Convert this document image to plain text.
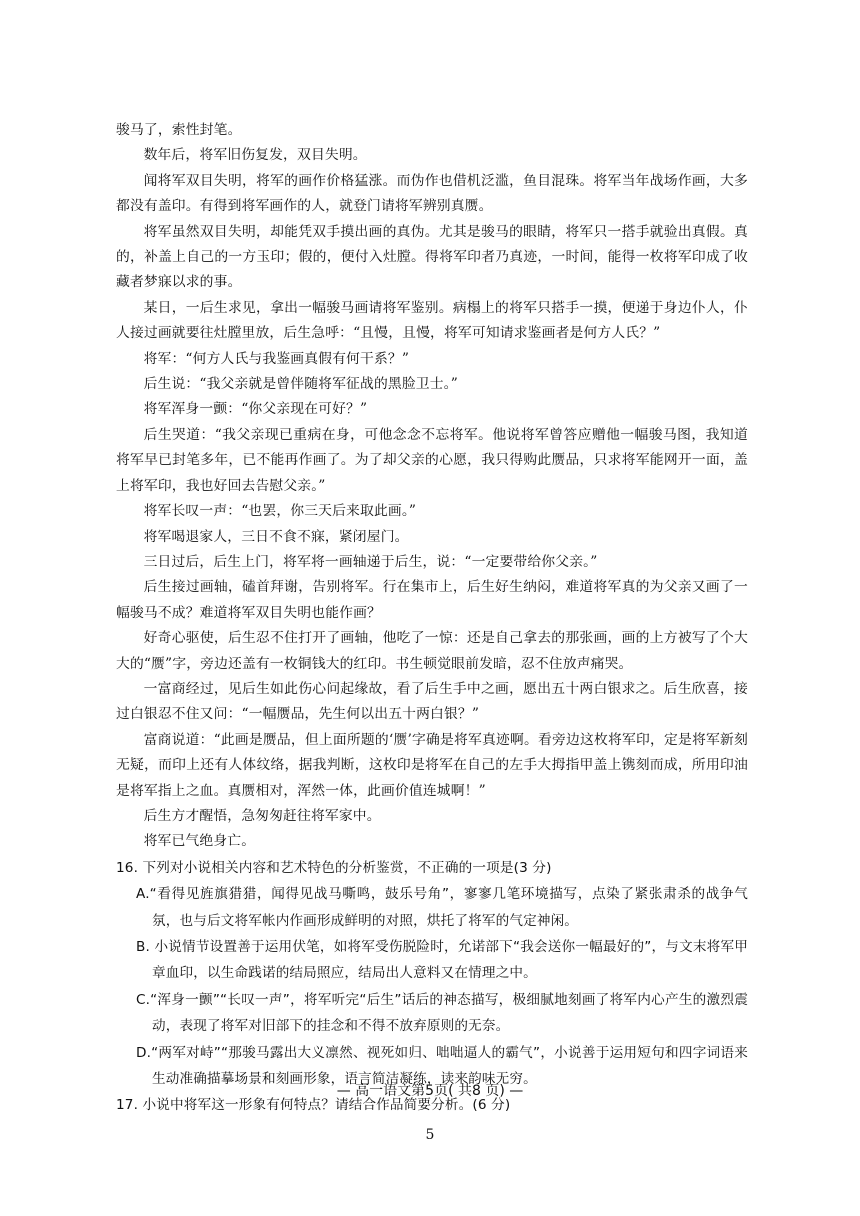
骏马了，索性封笔。

数年后，将军旧伤复发，双目失明。

闻将军双目失明，将军的画作价格猛涨。而伪作也借机泛滥，鱼目混珠。将军当年战场作画，大多都没有盖印。有得到将军画作的人，就登门请将军辨别真赝。

将军虽然双目失明，却能凭双手摸出画的真伪。尤其是骏马的眼睛，将军只一搭手就验出真假。真的，补盖上自己的一方玉印；假的，便付入灶膛。得将军印者乃真迹，一时间，能得一枚将军印成了收藏者梦寐以求的事。

某日，一后生求见，拿出一幅骏马画请将军鉴别。病榻上的将军只搭手一摸，便递于身边仆人，仆人接过画就要往灶膛里放，后生急呼：“且慢，且慢，将军可知请求鉴画者是何方人氏？”

将军：“何方人氏与我鉴画真假有何干系？”

后生说：“我父亲就是曾伴随将军征战的黑脸卫士。”

将军浑身一颤：“你父亲现在可好？”

后生哭道：“我父亲现已重病在身，可他念念不忘将军。他说将军曾答应赠他一幅骏马图，我知道将军早已封笔多年，已不能再作画了。为了却父亲的心愿，我只得购此赝品，只求将军能网开一面，盖上将军印，我也好回去告慰父亲。”

将军长叹一声：“也罢，你三天后来取此画。”

将军喝退家人，三日不食不寐，紧闭屋门。

三日过后，后生上门，将军将一画轴递于后生，说：“一定要带给你父亲。”

后生接过画轴，磕首拜谢，告别将军。行在集市上，后生好生纳闷，难道将军真的为父亲又画了一幅骏马不成？难道将军双目失明也能作画？

好奇心驱使，后生忍不住打开了画轴，他吃了一惊：还是自己拿去的那张画，画的上方被写了个大大的“赝”字，旁边还盖有一枚铜钱大的红印。书生顿觉眼前发暗，忍不住放声痛哭。

一富商经过，见后生如此伤心问起缘故，看了后生手中之画，愿出五十两白银求之。后生欣喜，接过白银忍不住又问：“一幅赝品，先生何以出五十两白银？”

富商说道：“此画是赝品，但上面所题的‘赝’字确是将军真迹啊。看旁边这枚将军印，定是将军新刻无疑，而印上还有人体纹络，据我判断，这枚印是将军在自己的左手大拇指甲盖上镌刻而成，所用印油是将军指上之血。真赝相对，浑然一体，此画价值连城啊！”

后生方才醒悟，急匆匆赶往将军家中。

将军已气绝身亡。

16. 下列对小说相关内容和艺术特色的分析鉴赏，不正确的一项是(3 分)

A.“看得见旌旗猎猎，闻得见战马嘶鸣，鼓乐号角”，寥寥几笔环境描写，点染了紧张肃杀的战争气氛，也与后文将军帐内作画形成鲜明的对照，烘托了将军的气定神闲。

B. 小说情节设置善于运用伏笔，如将军受伤脱险时，允诺部下“我会送你一幅最好的”，与文末将军甲章血印，以生命践诺的结局照应，结局出人意料又在情理之中。

C.“浑身一颤”“长叹一声”，将军听完“后生”话后的神态描写，极细腻地刻画了将军内心产生的激烈震动，表现了将军对旧部下的挂念和不得不放弃原则的无奈。

D.“两军对峙”“那骏马露出大义凛然、视死如归、咄咄逼人的霸气”，小说善于运用短句和四字词语来生动准确描摹场景和刻画形象，语言简洁凝练，读来韵味无穷。

17. 小说中将军这一形象有何特点？请结合作品简要分析。(6 分)

— 高一语文第5页( 共8 页) —
5
